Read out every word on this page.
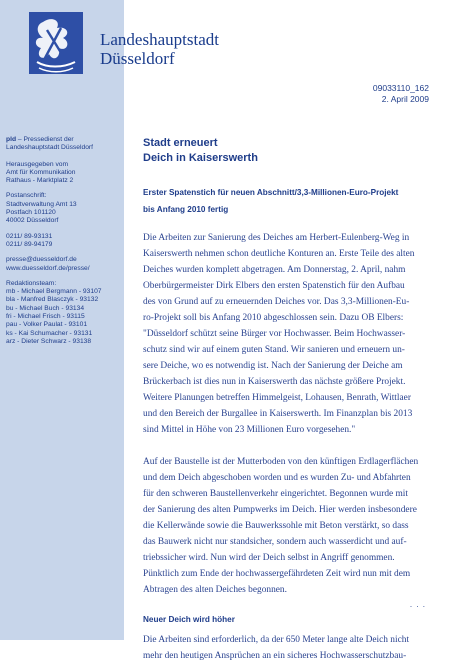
Landeshauptstadt
Düsseldorf
09033110_162
2. April 2009
pld – Pressedienst der
Landeshauptstadt Düsseldorf
Herausgegeben vom
Amt für Kommunikation
Rathaus - Marktplatz 2
Postanschrift:
Stadtverwaltung Amt 13
Postfach 101120
40002 Düsseldorf
0211/ 89-93131
0211/ 89-94179
presse@duesseldorf.de
www.duesseldorf.de/presse/
Redaktionsteam:
mb - Michael Bergmann - 93107
bla - Manfred Blasczyk - 93132
bu - Michael Buch - 93134
fri - Michael Frisch - 93115
pau - Volker Paulat - 93101
ks - Kai Schumacher - 93131
arz - Dieter Schwarz - 93138
Stadt erneuert
Deich in Kaiserswerth
Erster Spatenstich für neuen Abschnitt/3,3-Millionen-Euro-Projekt
bis Anfang 2010 fertig
Die Arbeiten zur Sanierung des Deiches am Herbert-Eulenberg-Weg in
Kaiserswerth nehmen schon deutliche Konturen an. Erste Teile des alten
Deiches wurden komplett abgetragen. Am Donnerstag, 2. April, nahm
Oberbürgermeister Dirk Elbers den ersten Spatenstich für den Aufbau
des von Grund auf zu erneuernden Deiches vor. Das 3,3-Millionen-Eu-
ro-Projekt soll bis Anfang 2010 abgeschlossen sein. Dazu OB Elbers:
"Düsseldorf schützt seine Bürger vor Hochwasser. Beim Hochwasser-
schutz sind wir auf einem guten Stand. Wir sanieren und erneuern un-
sere Deiche, wo es notwendig ist. Nach der Sanierung der Deiche am
Brückerbach ist dies nun in Kaiserswerth das nächste größere Projekt.
Weitere Planungen betreffen Himmelgeist, Lohausen, Benrath, Wittlaer
und den Bereich der Burgallee in Kaiserswerth. Im Finanzplan bis 2013
sind Mittel in Höhe von 23 Millionen Euro vorgesehen."
Auf der Baustelle ist der Mutterboden von den künftigen Erdlagerflächen
und dem Deich abgeschoben worden und es wurden Zu- und Abfahrten
für den schweren Baustellenverkehr eingerichtet. Begonnen wurde mit
der Sanierung des alten Pumpwerks im Deich. Hier werden insbesondere
die Kellerwände sowie die Bauwerkssohle mit Beton verstärkt, so dass
das Bauwerk nicht nur standsicher, sondern auch wasserdicht und auf-
triebssicher wird. Nun wird der Deich selbst in Angriff genommen.
Pünktlich zum Ende der hochwassergefährdeten Zeit wird nun mit dem
Abtragen des alten Deiches begonnen.
Neuer Deich wird höher
Die Arbeiten sind erforderlich, da der 650 Meter lange alte Deich nicht
mehr den heutigen Ansprüchen an ein sicheres Hochwasserschutzbau-
. . .
